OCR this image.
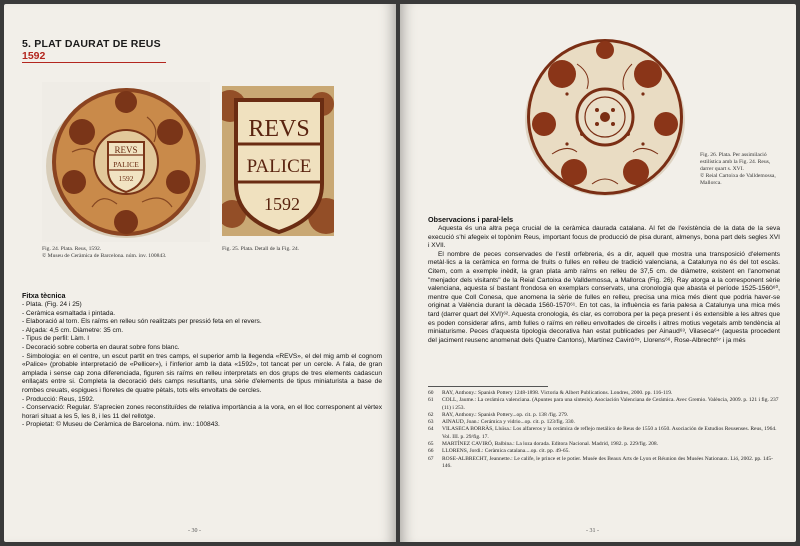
5. PLAT DAURAT DE REUS
1592
REVS
PALICE
1592
Fig. 24. Plata. Reus, 1592.
© Museu de Ceràmica de Barcelona. núm. inv. 100843.
REVS
PALICE
1592
Fig. 25. Plata. Detall de la Fig. 24.
Fitxa tècnica
- Plata. (Fig. 24 i 25)
- Ceràmica esmaltada i pintada.
- Elaboració al torn. Els raïms en relleu són realitzats per pressió feta en el revers.
- Alçada: 4,5 cm. Diàmetre: 35 cm.
- Tipus de perfil: Làm. I
- Decoració sobre coberta en daurat sobre fons blanc.
- Simbologia: en el centre, un escut partit en tres camps, el superior amb la llegenda «REVS», el del mig amb el cognom «Palice» (probable interpretació de «Pellicer»), i l'inferior amb la data «1592», tot tancat per un cercle. A l'ala, de gran amplada i sense cap zona diferenciada, figuren sis raïms en relleu interpretats en dos grups de tres elements cadascun enllaçats entre si. Completa la decoració dels camps resultants, una sèrie d'elements de tipus miniaturista a base de rombes creuats, espigues i floretes de quatre pètals, tots ells envoltats de cercles.
- Producció: Reus, 1592.
- Conservació: Regular. S'aprecien zones reconstituïdes de relativa importància a la vora, en el lloc corresponent al vèrtex horari situat a les 5, les 8, i les 11 del rellotge.
- Propietat: © Museu de Ceràmica de Barcelona. núm. inv.: 100843.
- 30 -
Fig. 26. Plata. Per assimilació
estilística amb la Fig. 24. Reus,
darrer quart s. XVI.
© Reial Cartoixa de Valldemossa,
Mallorca.
Observacions i paral·lels

Aquesta és una altra peça crucial de la ceràmica daurada catalana. Al fet de l'existència de la data de la seva execució s'hi afegeix el topònim Reus, important focus de producció de pisa durant, almenys, bona part dels segles XVI i XVII.

El nombre de peces conservades de l'estil orfebreria, és a dir, aquell que mostra una transposició d'elements metàl·lics a la ceràmica en forma de fruits o fulles en relleu de tradició valenciana, a Catalunya no és del tot escàs. Citem, com a exemple inèdit, la gran plata amb raïms en relleu de 37,5 cm. de diàmetre, existent en l'anomenat "menjador dels visitants" de la Reial Cartoixa de Valldemossa, a Mallorca (Fig. 26). Ray atorga a la corresponent sèrie valenciana, aquesta sí bastant frondosa en exemplars conservats, una cronologia que abasta el període 1525-1560⁶⁰, mentre que Coll Conesa, que anomena la sèrie de fulles en relleu, precisa una mica més dient que podria haver-se originat a València durant la dècada 1560-1570⁶¹. En tot cas, la influència es faria palesa a Catalunya una mica més tard (darrer quart del XVI)⁶². Aquesta cronologia, és clar, es corrobora per la peça present i és extensible a les altres que es poden considerar afins, amb fulles o raïms en relleu envoltades de circells i altres motius vegetals amb tendència al miniaturisme. Peces d'aquesta tipologia decorativa han estat publicades per Ainaud⁶³, Vilaseca⁶⁴ (aquesta procedent del jaciment reusenc anomenat dels Quatre Cantons), Martínez Caviró⁶⁵, Llorens⁶⁶, Rose-Albrecht⁶⁷ i ja més

60	RAY, Anthony.: Spanish Pottery 1248-1898. Victoria & Albert Publications. Londres, 2000. pp. 116-119.
61	COLL, Jaume.: La cerámica valenciana. (Apuntes para una síntesis). Asociación Valenciana de Cerámica. Avec Gremio. València, 2009. p. 121 i fig. 237 (11) i 253.
62	RAY, Anthony.: Spanish Pottery...op. cit. p. 138 /fig. 279.
63	AINAUD, Joan.: Cerámica y vidrio...op. cit. p. 123/fig. 330.
64	VILASECA BORRÀS, Lluïsa.: Los alfareros y la cerámica de reflejo metálico de Reus de 1550 a 1650. Asociación de Estudios Reusenses. Reus, 1964. Vol. III. p. 29/fig. 17.
65	MARTÍNEZ CAVIRÓ, Balbina.: La loza dorada. Editora Nacional. Madrid, 1982. p. 229/fig. 208.
66	LLORENS, Jordi.: Ceràmica catalana....op. cit. pp. 49-65.
67	ROSE-ALBRECHT, Jeannette.: Le calife, le prince et le potier. Musée des Beaux Arts de Lyon et Réunion des Musées Nationaux. Lió, 2002. pp. 145-146.
- 31 -
